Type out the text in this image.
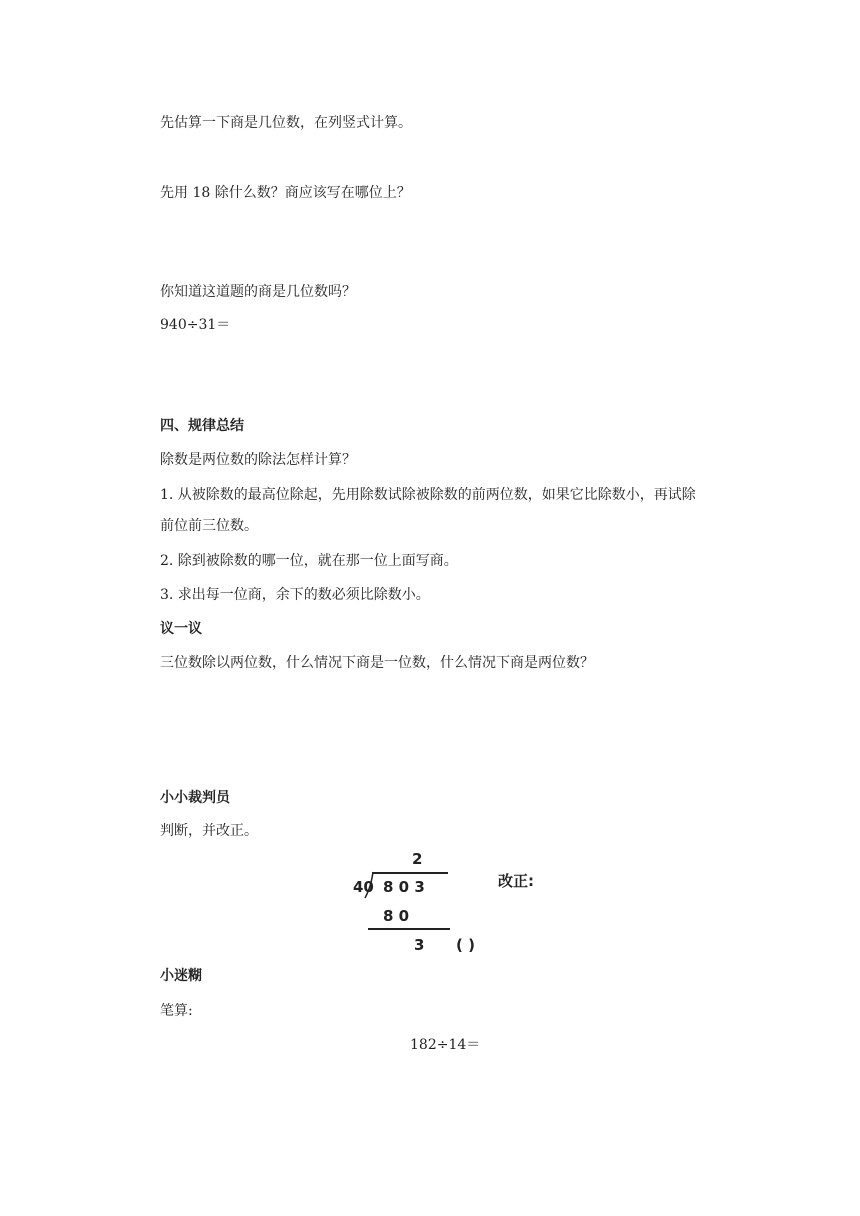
先估算一下商是几位数，在列竖式计算。
先用 18 除什么数？商应该写在哪位上？
你知道这道题的商是几位数吗？
940÷31＝
四、规律总结
除数是两位数的除法怎样计算？
1. 从被除数的最高位除起，先用除数试除被除数的前两位数，如果它比除数小，再试除
前位前三位数。
2. 除到被除数的哪一位，就在那一位上面写商。
3. 求出每一位商，余下的数必须比除数小。
议一议
三位数除以两位数，什么情况下商是一位数，什么情况下商是两位数？
小小裁判员
判断，并改正。
2
40 8 0 3
8 0
3 ( )
改正:
小迷糊
笔算:
182÷14＝
